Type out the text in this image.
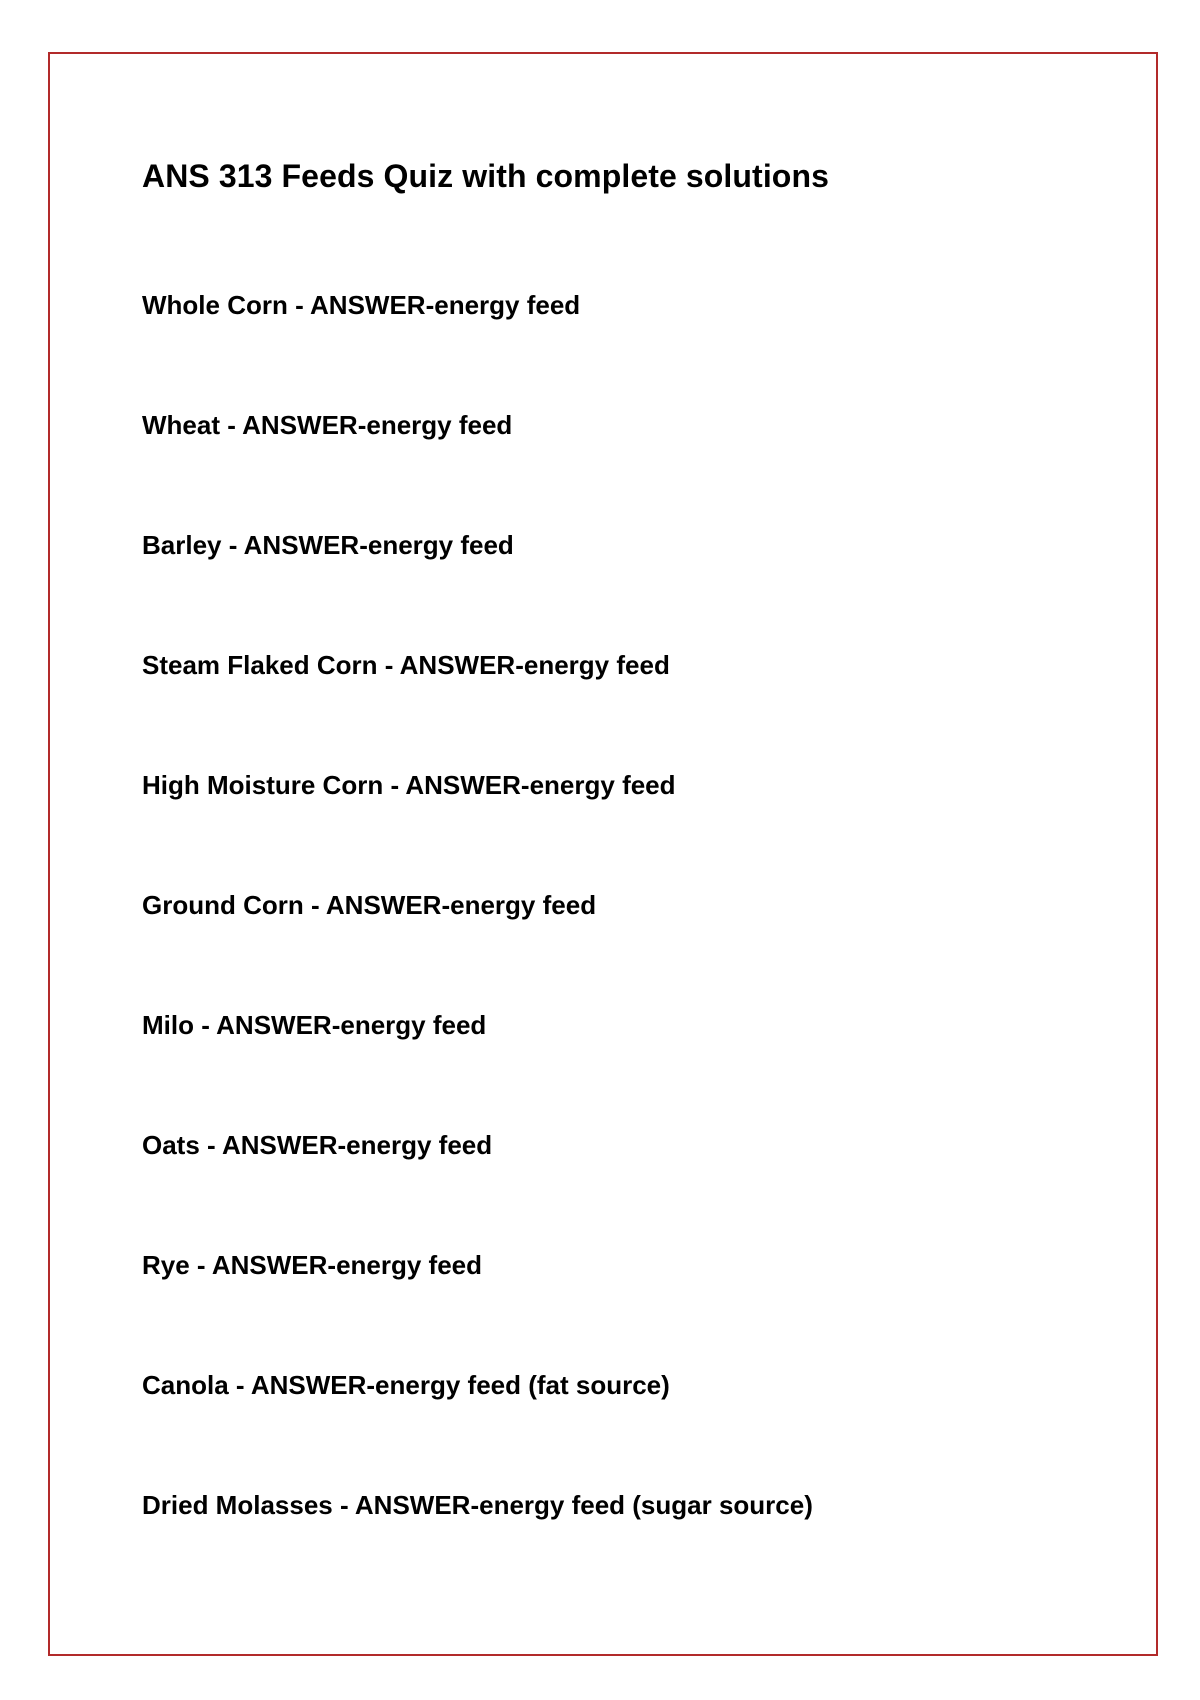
ANS 313 Feeds Quiz with complete solutions
Whole Corn - ANSWER-energy feed
Wheat - ANSWER-energy feed
Barley - ANSWER-energy feed
Steam Flaked Corn - ANSWER-energy feed
High Moisture Corn - ANSWER-energy feed
Ground Corn - ANSWER-energy feed
Milo - ANSWER-energy feed
Oats - ANSWER-energy feed
Rye - ANSWER-energy feed
Canola - ANSWER-energy feed (fat source)
Dried Molasses - ANSWER-energy feed (sugar source)
